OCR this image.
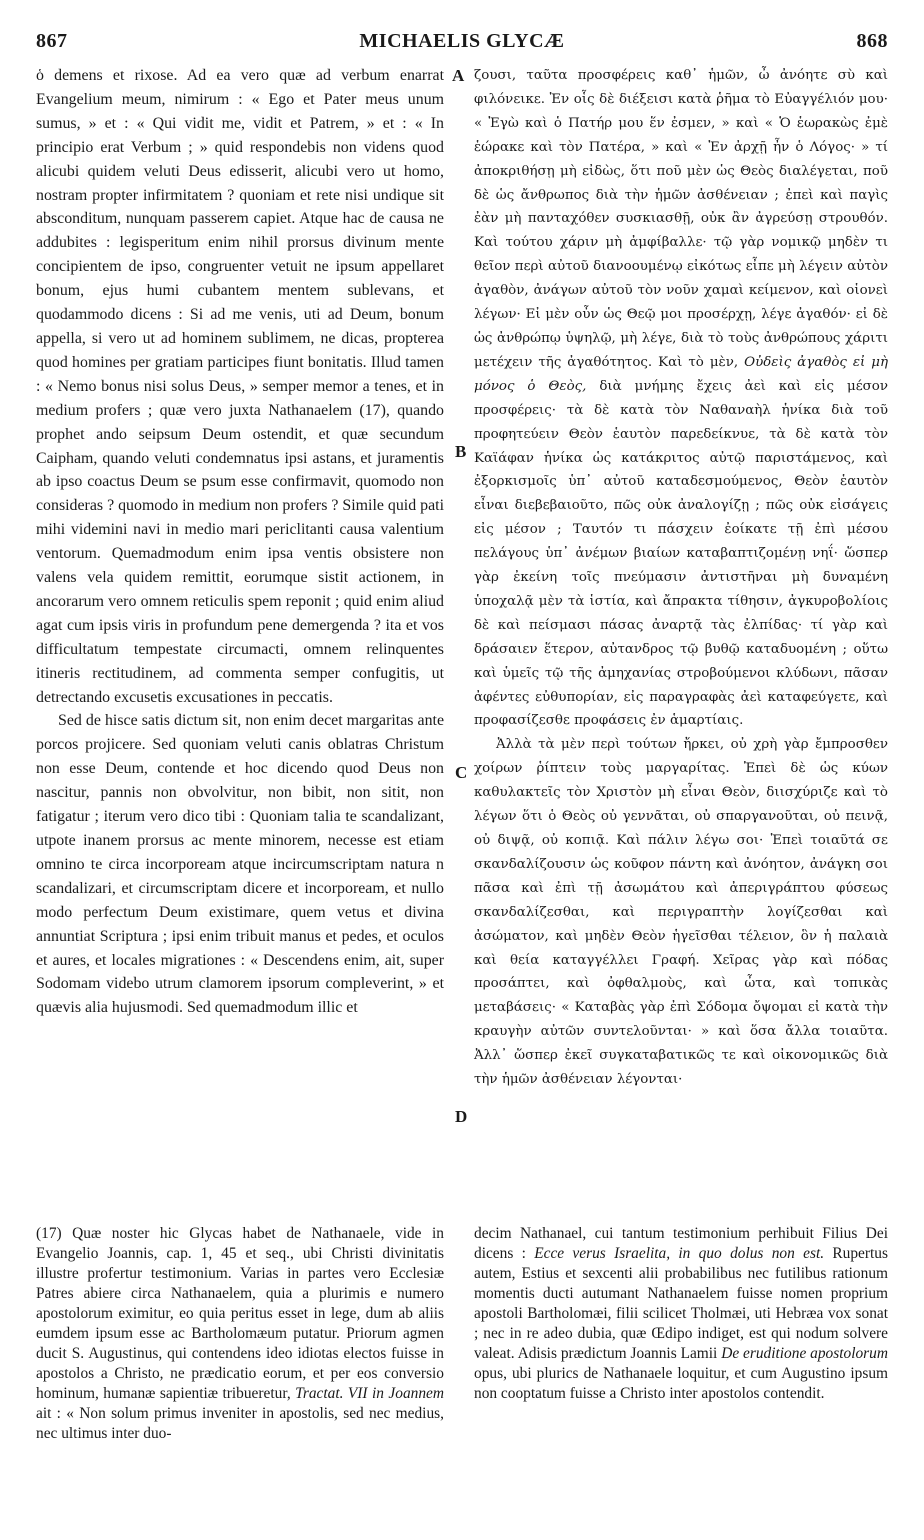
867	MICHAELIS GLYCÆ	868

ὁ demens et rixose. Ad ea vero quæ ad verbum enarrat Evangelium meum, nimirum : « Ego et Pater meus unum sumus, » et : « Qui vidit me, vidit et Patrem, » et : « In principio erat Verbum ; » quid respondebis non videns quod alicubi quidem veluti Deus edisserit, alicubi vero ut homo, nostram propter infirmitatem ? quoniam et rete nisi undique sit absconditum, nunquam passerem capiet. Atque hac de causa ne addubites : legisperitum enim nihil prorsus divinum mente concipientem de ipso, congruenter vetuit ne ipsum appellaret bonum, ejus humi cubantem mentem sublevans, et quodammodo dicens : Si ad me venis, uti ad Deum, bonum appella, si vero ut ad hominem sublimem, ne dicas, propterea quod homines per gratiam participes fiunt bonitatis. Illud tamen : « Nemo bonus nisi solus Deus, » semper memor a tenes, et in medium profers ; quæ vero juxta Nathanaelem (17), quando prophet ando seipsum Deum ostendit, et quæ secundum Caipham, quando veluti condemnatus ipsi astans, et juramentis ab ipso coactus Deum se psum esse confirmavit, quomodo non consideras ? quomodo in medium non profers ? Simile quid pati mihi videmini navi in medio mari periclitanti causa valentium ventorum. Quemadmodum enim ipsa ventis obsistere non valens vela quidem remittit, eorumque sistit actionem, in ancorarum vero omnem reticulis spem reponit ; quid enim aliud agat cum ipsis viris in profundum pene demergenda ? ita et vos difficultatum tempestate circumacti, omnem relinquentes itineris rectitudinem, ad commenta semper confugitis, ut detrectando excusetis excusationes in peccatis.

Sed de hisce satis dictum sit, non enim decet margaritas ante porcos projicere. Sed quoniam veluti canis oblatras Christum non esse Deum, contende et hoc dicendo quod Deus non nascitur, pannis non obvolvitur, non bibit, non sitit, non fatigatur ; iterum vero dico tibi : Quoniam talia te scandalizant, utpote inanem prorsus ac mente minorem, necesse est etiam omnino te circa incorpoream atque incircumscriptam natura n scandalizari, et circumscriptam dicere et incorpoream, et nullo modo perfectum Deum existimare, quem vetus et divina annuntiat Scriptura ; ipsi enim tribuit manus et pedes, et oculos et aures, et locales migrationes : « Descendens enim, ait, super Sodomam videbo utrum clamorem ipsorum compleverint, » et quævis alia hujusmodi. Sed quemadmodum illic et

A
B
C
D

ζουσι, ταῦτα προσφέρεις καθ᾽ ἡμῶν, ὦ ἀνόητε σὺ καὶ φιλόνεικε. Ἐν οἷς δὲ διέξεισι κατὰ ῥῆμα τὸ Εὐαγγέλιόν μου· « Ἐγὼ καὶ ὁ Πατήρ μου ἕν ἐσμεν, » καὶ « Ὁ ἑωρακὼς ἐμὲ ἑώρακε καὶ τὸν Πατέρα, » καὶ « Ἐν ἀρχῇ ἦν ὁ Λόγος· » τί ἀποκριθήσῃ μὴ εἰδὼς, ὅτι ποῦ μὲν ὡς Θεὸς διαλέγεται, ποῦ δὲ ὡς ἄνθρωπος διὰ τὴν ἡμῶν ἀσθένειαν ; ἐπεὶ καὶ παγὶς ἐὰν μὴ πανταχόθεν συσκιασθῇ, οὐκ ἂν ἀγρεύσῃ στρουθόν. Καὶ τούτου χάριν μὴ ἀμφίβαλλε· τῷ γὰρ νομικῷ μηδὲν τι θεῖον περὶ αὐτοῦ διανοουμένῳ εἰκότως εἶπε μὴ λέγειν αὐτὸν ἀγαθὸν, ἀνάγων αὐτοῦ τὸν νοῦν χαμαὶ κείμενον, καὶ οἱονεὶ λέγων· Εἰ μὲν οὖν ὡς Θεῷ μοι προσέρχῃ, λέγε ἀγαθόν· εἰ δὲ ὡς ἀνθρώπῳ ὑψηλῷ, μὴ λέγε, διὰ τὸ τοὺς ἀνθρώπους χάριτι μετέχειν τῆς ἀγαθότητος. Καὶ τὸ μὲν, Οὐδεὶς ἀγαθὸς εἰ μὴ μόνος ὁ Θεὸς, διὰ μνήμης ἔχεις ἀεὶ καὶ εἰς μέσον προσφέρεις· τὰ δὲ κατὰ τὸν Ναθαναὴλ ἡνίκα διὰ τοῦ προφητεύειν Θεὸν ἑαυτὸν παρεδείκνυε, τὰ δὲ κατὰ τὸν Καϊάφαν ἡνίκα ὡς κατάκριτος αὐτῷ παριστάμενος, καὶ ἐξορκισμοῖς ὑπ᾽ αὐτοῦ καταδεσμούμενος, Θεὸν ἑαυτὸν εἶναι διεβεβαιοῦτο, πῶς οὐκ ἀναλογίζῃ ; πῶς οὐκ εἰσάγεις εἰς μέσον ; Ταυτόν τι πάσχειν ἐοίκατε τῇ ἐπὶ μέσου πελάγους ὑπ᾽ ἀνέμων βιαίων καταβαπτιζομένῃ νηΐ· ὥσπερ γὰρ ἐκείνη τοῖς πνεύμασιν ἀντιστῆναι μὴ δυναμένη ὑποχαλᾷ μὲν τὰ ἱστία, καὶ ἄπρακτα τίθησιν, ἀγκυροβολίοις δὲ καὶ πείσμασι πάσας ἀναρτᾷ τὰς ἐλπίδας· τί γὰρ καὶ δράσαιεν ἕτερον, αὐτανδρος τῷ βυθῷ καταδυομένη ; οὕτω καὶ ὑμεῖς τῷ τῆς ἀμηχανίας στροβούμενοι κλύδωνι, πᾶσαν ἀφέντες εὐθυπορίαν, εἰς παραγραφὰς ἀεὶ καταφεύγετε, καὶ προφασίζεσθε προφάσεις ἐν ἁμαρτίαις.

Ἀλλὰ τὰ μὲν περὶ τούτων ἤρκει, οὐ χρὴ γὰρ ἔμπροσθεν χοίρων ῥίπτειν τοὺς μαργαρίτας. Ἐπεὶ δὲ ὡς κύων καθυλακτεῖς τὸν Χριστὸν μὴ εἶναι Θεὸν, διισχύριζε καὶ τὸ λέγων ὅτι ὁ Θεὸς οὐ γεννᾶται, οὐ σπαργανοῦται, οὐ πεινᾷ, οὐ διψᾷ, οὐ κοπιᾷ. Καὶ πάλιν λέγω σοι· Ἐπεὶ τοιαῦτά σε σκανδαλίζουσιν ὡς κοῦφον πάντη καὶ ἀνόητον, ἀνάγκη σοι πᾶσα καὶ ἐπὶ τῇ ἀσωμάτου καὶ ἀπεριγράπτου φύσεως σκανδαλίζεσθαι, καὶ περιγραπτὴν λογίζεσθαι καὶ ἀσώματον, καὶ μηδὲν Θεὸν ἡγεῖσθαι τέλειον, ὃν ἡ παλαιὰ καὶ θεία καταγγέλλει Γραφή. Χεῖρας γὰρ καὶ πόδας προσάπτει, καὶ ὀφθαλμοὺς, καὶ ὦτα, καὶ τοπικὰς μεταβάσεις· « Καταβὰς γὰρ ἐπὶ Σόδομα ὄψομαι εἰ κατὰ τὴν κραυγὴν αὐτῶν συντελοῦνται· » καὶ ὅσα ἄλλα τοιαῦτα. Ἀλλ᾽ ὥσπερ ἐκεῖ συγκαταβατικῶς τε καὶ οἰκονομικῶς διὰ τὴν ἡμῶν ἀσθένειαν λέγονται·

(17) Quæ noster hic Glycas habet de Nathanaele, vide in Evangelio Joannis, cap. 1, 45 et seq., ubi Christi divinitatis illustre profertur testimonium. Varias in partes vero Ecclesiæ Patres abiere circa Nathanaelem, quia a plurimis e numero apostolorum eximitur, eo quia peritus esset in lege, dum ab aliis eumdem ipsum esse ac Bartholomæum putatur. Priorum agmen ducit S. Augustinus, qui contendens ideo idiotas electos fuisse in apostolos a Christo, ne prædicatio eorum, et per eos conversio hominum, humanæ sapientiæ tribueretur, Tractat. VII in Joannem ait : « Non solum primus inveniter in apostolis, sed nec medius, nec ultimus inter duo-

decim Nathanael, cui tantum testimonium perhibuit Filius Dei dicens : Ecce verus Israelita, in quo dolus non est. Rupertus autem, Estius et sexcenti alii probabilibus nec futilibus rationum momentis ducti autumant Nathanaelem fuisse nomen proprium apostoli Bartholomæi, filii scilicet Tholmæi, uti Hebræa vox sonat ; nec in re adeo dubia, quæ Œdipo indiget, est qui nodum solvere valeat. Adisis prædictum Joannis Lamii De eruditione apostolorum opus, ubi plurics de Nathanaele loquitur, et cum Augustino ipsum non cooptatum fuisse a Christo inter apostolos contendit.
